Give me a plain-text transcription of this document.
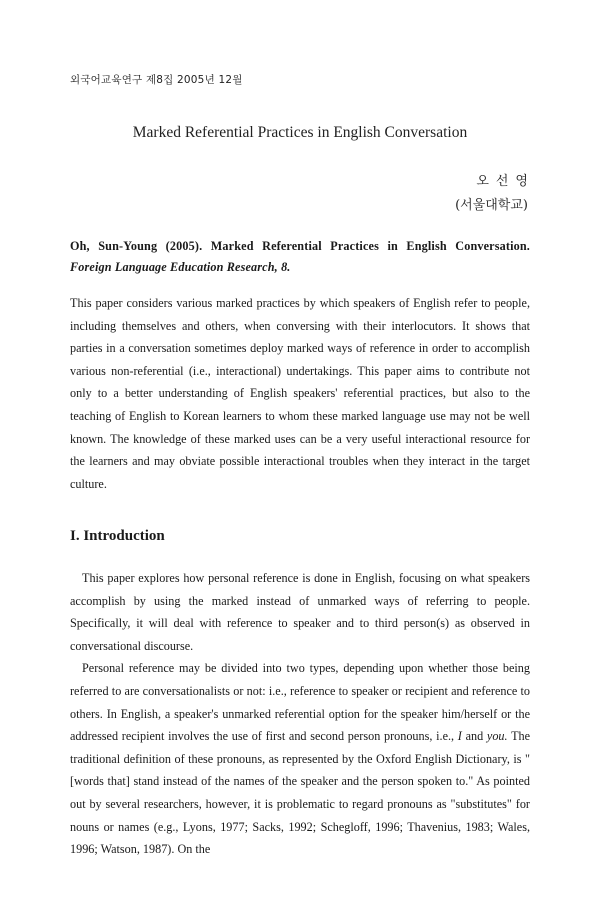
외국어교육연구 제8집 2005년 12월
Marked Referential Practices in English Conversation
오선영
(서울대학교)
Oh, Sun-Young (2005). Marked Referential Practices in English Conversation. Foreign Language Education Research, 8.

This paper considers various marked practices by which speakers of English refer to people, including themselves and others, when conversing with their interlocutors. It shows that parties in a conversation sometimes deploy marked ways of reference in order to accomplish various non-referential (i.e., interactional) undertakings. This paper aims to contribute not only to a better understanding of English speakers' referential practices, but also to the teaching of English to Korean learners to whom these marked language use may not be well known. The knowledge of these marked uses can be a very useful interactional resource for the learners and may obviate possible interactional troubles when they interact in the target culture.

I. Introduction

This paper explores how personal reference is done in English, focusing on what speakers accomplish by using the marked instead of unmarked ways of referring to people. Specifically, it will deal with reference to speaker and to third person(s) as observed in conversational discourse.

Personal reference may be divided into two types, depending upon whether those being referred to are conversationalists or not: i.e., reference to speaker or recipient and reference to others. In English, a speaker's unmarked referential option for the speaker him/herself or the addressed recipient involves the use of first and second person pronouns, i.e., I and you. The traditional definition of these pronouns, as represented by the Oxford English Dictionary, is "[words that] stand instead of the names of the speaker and the person spoken to." As pointed out by several researchers, however, it is problematic to regard pronouns as "substitutes" for nouns or names (e.g., Lyons, 1977; Sacks, 1992; Schegloff, 1996; Thavenius, 1983; Wales, 1996; Watson, 1987). On the
